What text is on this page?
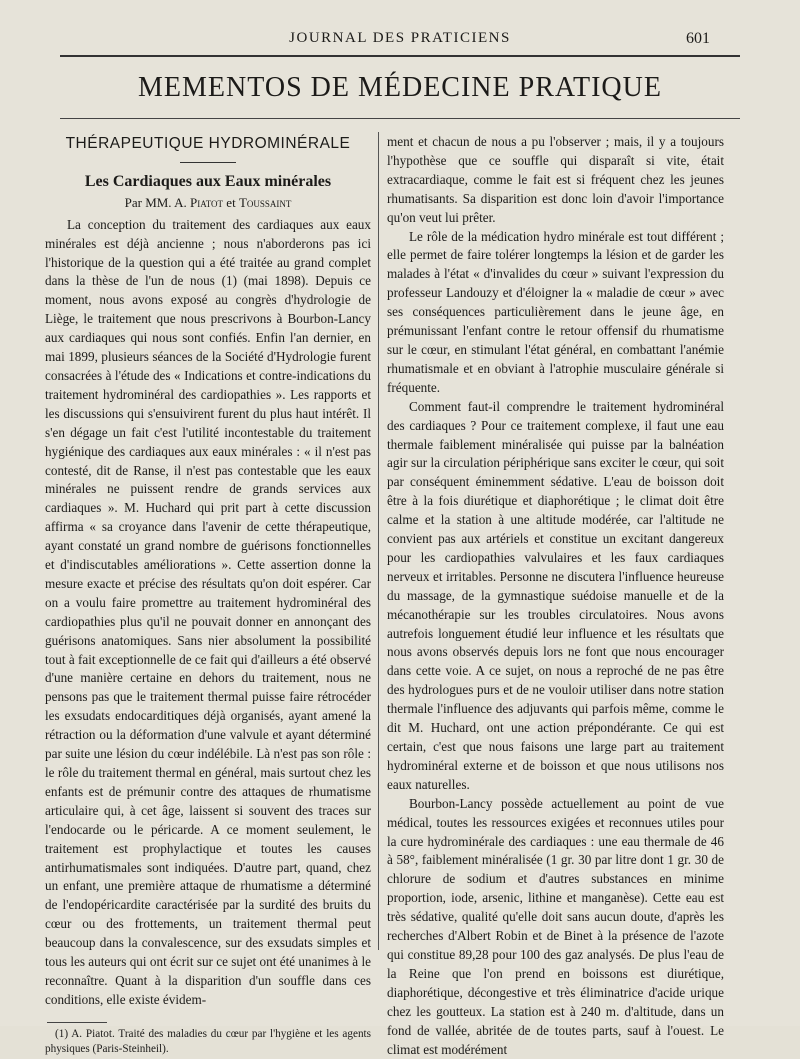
JOURNAL DES PRATICIENS	601
MEMENTOS DE MÉDECINE PRATIQUE
THÉRAPEUTIQUE HYDROMINÉRALE
Les Cardiaques aux Eaux minérales
Par MM. A. Piatot et Toussaint

La conception du traitement des cardiaques aux eaux minérales est déjà ancienne ; nous n'aborderons pas ici l'historique de la question qui a été traitée au grand complet dans la thèse de l'un de nous (1) (mai 1898). Depuis ce moment, nous avons exposé au congrès d'hydrologie de Liège, le traitement que nous prescrivons à Bourbon-Lancy aux cardiaques qui nous sont confiés. Enfin l'an dernier, en mai 1899, plusieurs séances de la Société d'Hydrologie furent consacrées à l'étude des « Indications et contre-indications du traitement hydrominéral des cardiopathies ». Les rapports et les discussions qui s'ensuivirent furent du plus haut intérêt. Il s'en dégage un fait c'est l'utilité incontestable du traitement hygiénique des cardiaques aux eaux minérales : « il n'est pas contesté, dit de Ranse, il n'est pas contestable que les eaux minérales ne puissent rendre de grands services aux cardiaques ». M. Huchard qui prit part à cette discussion affirma « sa croyance dans l'avenir de cette thérapeutique, ayant constaté un grand nombre de guérisons fonctionnelles et d'indiscutables améliorations ». Cette assertion donne la mesure exacte et précise des résultats qu'on doit espérer. Car on a voulu faire promettre au traitement hydrominéral des cardiopathies plus qu'il ne pouvait donner en annonçant des guérisons anatomiques. Sans nier absolument la possibilité tout à fait exceptionnelle de ce fait qui d'ailleurs a été observé d'une manière certaine en dehors du traitement, nous ne pensons pas que le traitement thermal puisse faire rétrocéder les exsudats endocarditiques déjà organisés, ayant amené la rétraction ou la déformation d'une valvule et ayant déterminé par suite une lésion du cœur indélébile. Là n'est pas son rôle : le rôle du traitement thermal en général, mais surtout chez les enfants est de prémunir contre des attaques de rhumatisme articulaire qui, à cet âge, laissent si souvent des traces sur l'endocarde ou le péricarde. A ce moment seulement, le traitement est prophylactique et toutes les causes antirhumatismales sont indiquées. D'autre part, quand, chez un enfant, une première attaque de rhumatisme a déterminé de l'endopéricardite caractérisée par la surdité des bruits du cœur ou des frottements, un traitement thermal peut beaucoup dans la convalescence, sur des exsudats simples et tous les auteurs qui ont écrit sur ce sujet ont été unanimes à le reconnaître. Quant à la disparition d'un souffle dans ces conditions, elle existe évidem-

(1) A. Piatot. Traité des maladies du cœur par l'hygiène et les agents physiques (Paris-Steinheil).

ment et chacun de nous a pu l'observer ; mais, il y a toujours l'hypothèse que ce souffle qui disparaît si vite, était extracardiaque, comme le fait est si fréquent chez les jeunes rhumatisants. Sa disparition est donc loin d'avoir l'importance qu'on veut lui prêter.

Le rôle de la médication hydro minérale est tout différent ; elle permet de faire tolérer longtemps la lésion et de garder les malades à l'état « d'invalides du cœur » suivant l'expression du professeur Landouzy et d'éloigner la « maladie de cœur » avec ses conséquences particulièrement dans le jeune âge, en prémunissant l'enfant contre le retour offensif du rhumatisme sur le cœur, en stimulant l'état général, en combattant l'anémie rhumatismale et en obviant à l'atrophie musculaire générale si fréquente.

Comment faut-il comprendre le traitement hydrominéral des cardiaques ? Pour ce traitement complexe, il faut une eau thermale faiblement minéralisée qui puisse par la balnéation agir sur la circulation périphérique sans exciter le cœur, qui soit par conséquent éminemment sédative. L'eau de boisson doit être à la fois diurétique et diaphorétique ; le climat doit être calme et la station à une altitude modérée, car l'altitude ne convient pas aux artériels et constitue un excitant dangereux pour les cardiopathies valvulaires et les faux cardiaques nerveux et irritables. Personne ne discutera l'influence heureuse du massage, de la gymnastique suédoise manuelle et de la mécanothérapie sur les troubles circulatoires. Nous avons autrefois longuement étudié leur influence et les résultats que nous avons observés depuis lors ne font que nous encourager dans cette voie. A ce sujet, on nous a reproché de ne pas être des hydrologues purs et de ne vouloir utiliser dans notre station thermale l'influence des adjuvants qui parfois même, comme le dit M. Huchard, ont une action prépondérante. Ce qui est certain, c'est que nous faisons une large part au traitement hydrominéral externe et de boisson et que nous utilisons nos eaux naturelles.

Bourbon-Lancy possède actuellement au point de vue médical, toutes les ressources exigées et reconnues utiles pour la cure hydrominérale des cardiaques : une eau thermale de 46 à 58°, faiblement minéralisée (1 gr. 30 par litre dont 1 gr. 30 de chlorure de sodium et d'autres substances en minime proportion, iode, arsenic, lithine et manganèse). Cette eau est très sédative, qualité qu'elle doit sans aucun doute, d'après les recherches d'Albert Robin et de Binet à la présence de l'azote qui constitue 89,28 pour 100 des gaz analysés. De plus l'eau de la Reine que l'on prend en boissons est diurétique, diaphorétique, décongestive et très éliminatrice d'acide urique chez les goutteux. La station est à 240 m. d'altitude, dans un fond de vallée, abritée de de toutes parts, sauf à l'ouest. Le climat est modérément
